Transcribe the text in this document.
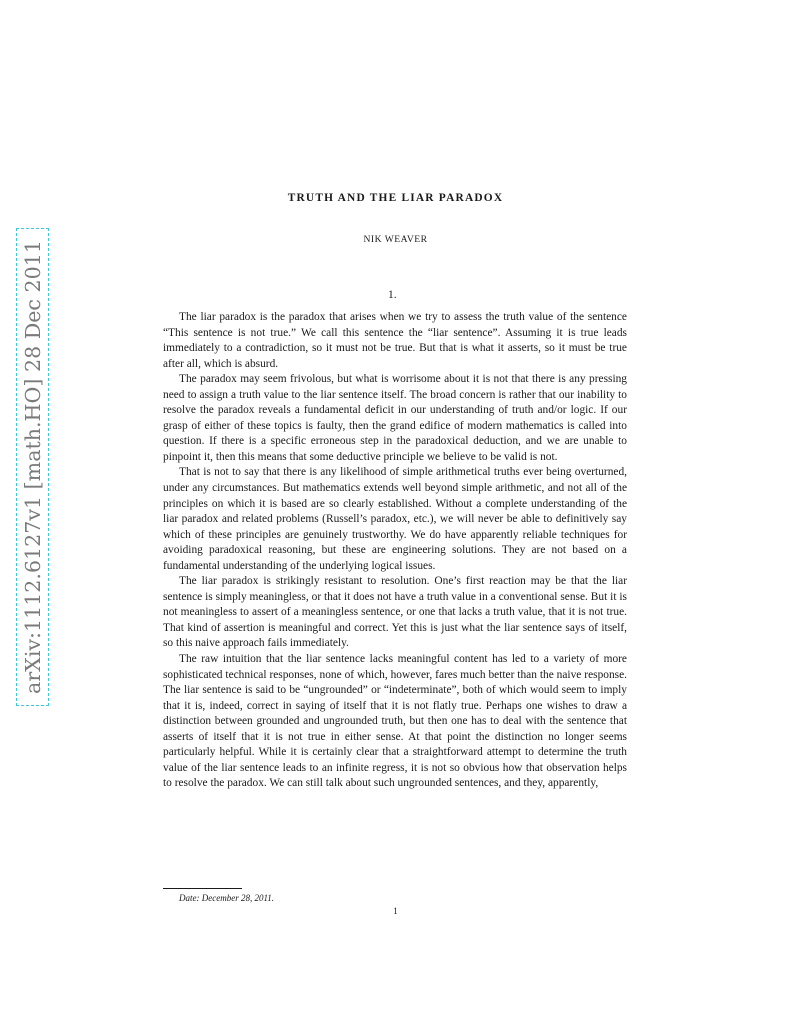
arXiv:1112.6127v1 [math.HO] 28 Dec 2011
TRUTH AND THE LIAR PARADOX
NIK WEAVER
1.

The liar paradox is the paradox that arises when we try to assess the truth value of the sentence “This sentence is not true.” We call this sentence the “liar sentence”. Assuming it is true leads immediately to a contradiction, so it must not be true. But that is what it asserts, so it must be true after all, which is absurd.

The paradox may seem frivolous, but what is worrisome about it is not that there is any pressing need to assign a truth value to the liar sentence itself. The broad concern is rather that our inability to resolve the paradox reveals a fundamental deficit in our understanding of truth and/or logic. If our grasp of either of these topics is faulty, then the grand edifice of modern mathematics is called into question. If there is a specific erroneous step in the paradoxical deduction, and we are unable to pinpoint it, then this means that some deductive principle we believe to be valid is not.

That is not to say that there is any likelihood of simple arithmetical truths ever being overturned, under any circumstances. But mathematics extends well beyond simple arithmetic, and not all of the principles on which it is based are so clearly established. Without a complete understanding of the liar paradox and related problems (Russell’s paradox, etc.), we will never be able to definitively say which of these principles are genuinely trustworthy. We do have apparently reliable techniques for avoiding paradoxical reasoning, but these are engineering solutions. They are not based on a fundamental understanding of the underlying logical issues.

The liar paradox is strikingly resistant to resolution. One’s first reaction may be that the liar sentence is simply meaningless, or that it does not have a truth value in a conventional sense. But it is not meaningless to assert of a meaningless sentence, or one that lacks a truth value, that it is not true. That kind of assertion is meaningful and correct. Yet this is just what the liar sentence says of itself, so this naive approach fails immediately.

The raw intuition that the liar sentence lacks meaningful content has led to a variety of more sophisticated technical responses, none of which, however, fares much better than the naive response. The liar sentence is said to be “ungrounded” or “indeterminate”, both of which would seem to imply that it is, indeed, correct in saying of itself that it is not flatly true. Perhaps one wishes to draw a distinction between grounded and ungrounded truth, but then one has to deal with the sentence that asserts of itself that it is not true in either sense. At that point the distinction no longer seems particularly helpful. While it is certainly clear that a straightforward attempt to determine the truth value of the liar sentence leads to an infinite regress, it is not so obvious how that observation helps to resolve the paradox. We can still talk about such ungrounded sentences, and they, apparently,

Date: December 28, 2011.
1
